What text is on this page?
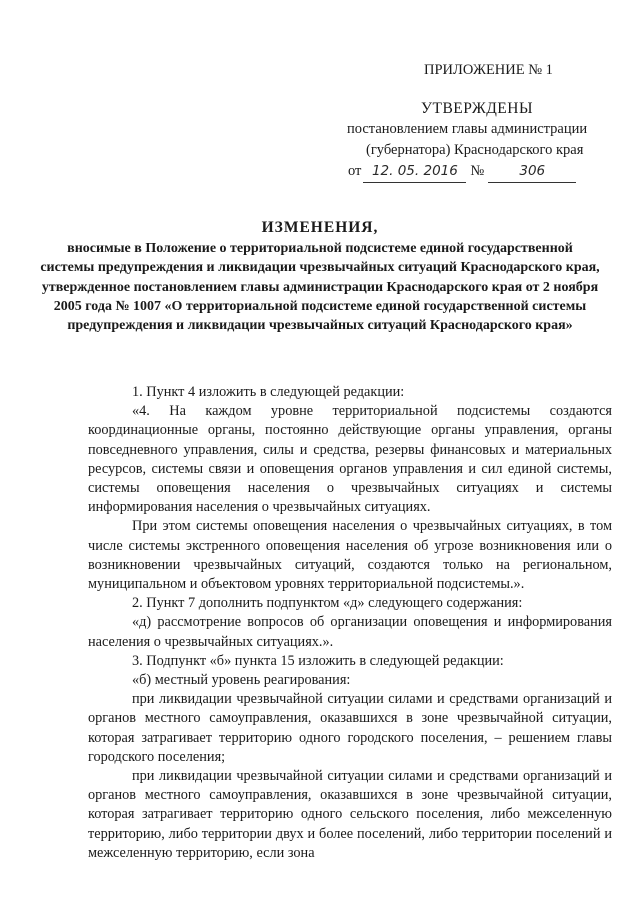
ПРИЛОЖЕНИЕ № 1
УТВЕРЖДЕНЫ
постановлением главы администрации
(губернатора) Краснодарского края
от 12. 05. 2016 №	306
ИЗМЕНЕНИЯ,
вносимые в Положение о территориальной подсистеме единой государственной системы предупреждения и ликвидации чрезвычайных ситуаций Краснодарского края, утвержденное постановлением главы администрации Краснодарского края от 2 ноября 2005 года № 1007 «О территориальной подсистеме единой государственной системы предупреждения и ликвидации чрезвычайных ситуаций Краснодарского края»

1. Пункт 4 изложить в следующей редакции:

«4. На каждом уровне территориальной подсистемы создаются координационные органы, постоянно действующие органы управления, органы повседневного управления, силы и средства, резервы финансовых и материальных ресурсов, системы связи и оповещения органов управления и сил единой системы, системы оповещения населения о чрезвычайных ситуациях и системы информирования населения о чрезвычайных ситуациях.

При этом системы оповещения населения о чрезвычайных ситуациях, в том числе системы экстренного оповещения населения об угрозе возникновения или о возникновении чрезвычайных ситуаций, создаются только на региональном, муниципальном и объектовом уровнях территориальной подсистемы.».

2. Пункт 7 дополнить подпунктом «д» следующего содержания:

«д) рассмотрение вопросов об организации оповещения и информирования населения о чрезвычайных ситуациях.».

3. Подпункт «б» пункта 15 изложить в следующей редакции:

«б) местный уровень реагирования:

при ликвидации чрезвычайной ситуации силами и средствами организаций и органов местного самоуправления, оказавшихся в зоне чрезвычайной ситуации, которая затрагивает территорию одного городского поселения, – решением главы городского поселения;

при ликвидации чрезвычайной ситуации силами и средствами организаций и органов местного самоуправления, оказавшихся в зоне чрезвычайной ситуации, которая затрагивает территорию одного сельского поселения, либо межселенную территорию, либо территории двух и более поселений, либо территории поселений и межселенную территорию, если зона
